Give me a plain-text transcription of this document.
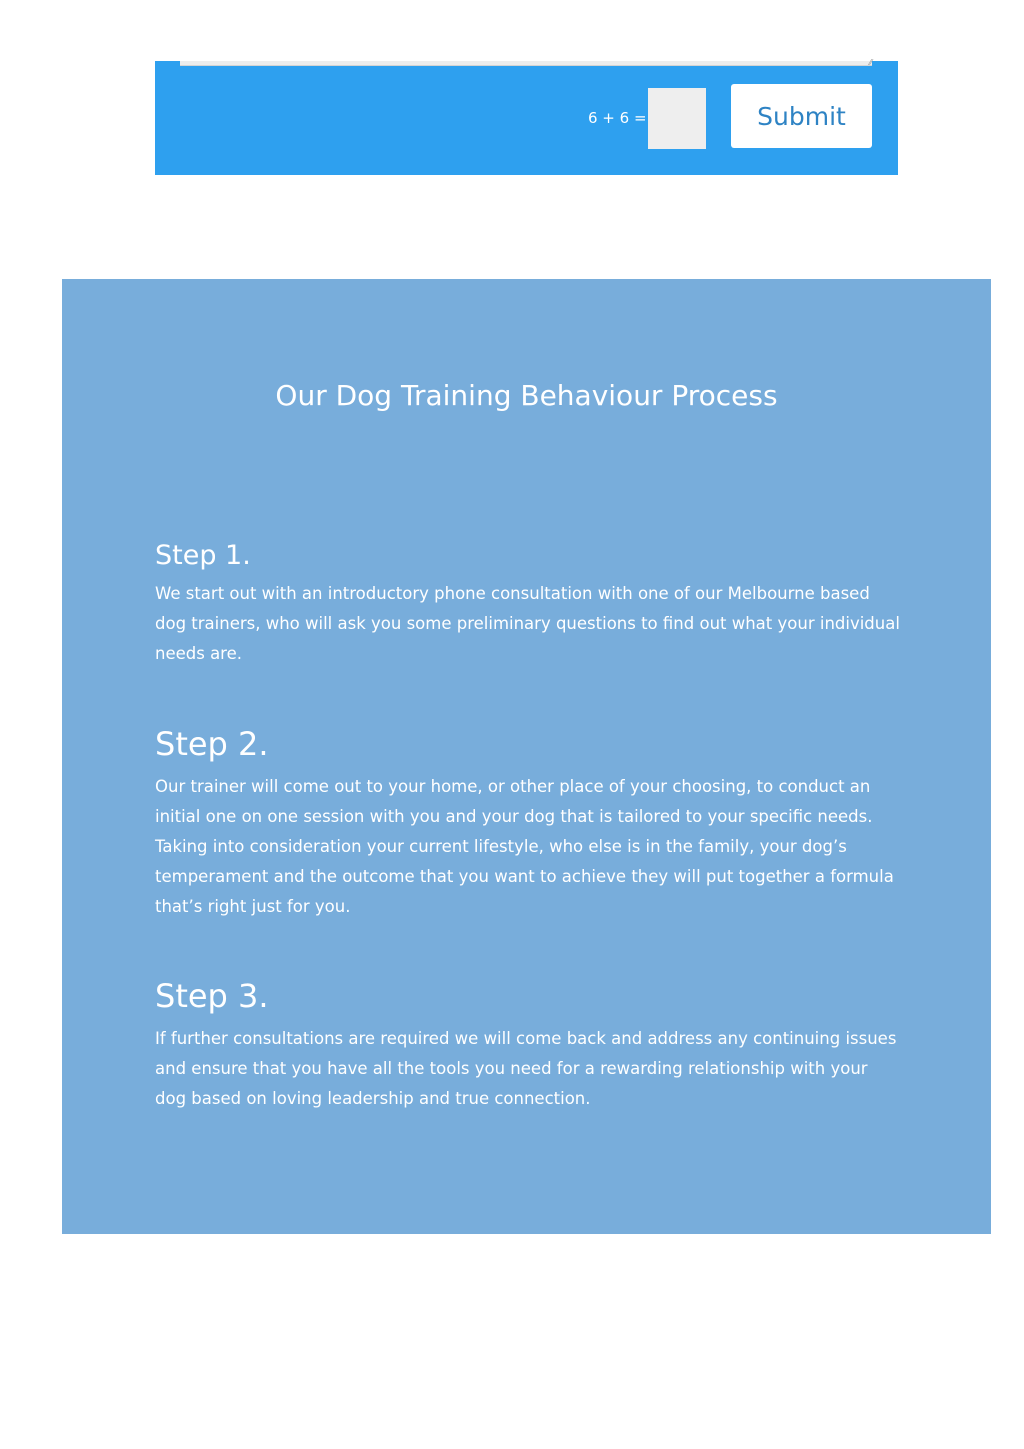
⁄⁄
6 + 6 =	Submit
Our Dog Training Behaviour Process
Step 1.

We start out with an introductory phone consultation with one of our Melbourne based dog trainers, who will ask you some preliminary questions to find out what your individual needs are.

Step 2.

Our trainer will come out to your home, or other place of your choosing, to conduct an initial one on one session with you and your dog that is tailored to your specific needs. Taking into consideration your current lifestyle, who else is in the family, your dog’s temperament and the outcome that you want to achieve they will put together a formula that’s right just for you.

Step 3.

If further consultations are required we will come back and address any continuing issues and ensure that you have all the tools you need for a rewarding relationship with your dog based on loving leadership and true connection.
